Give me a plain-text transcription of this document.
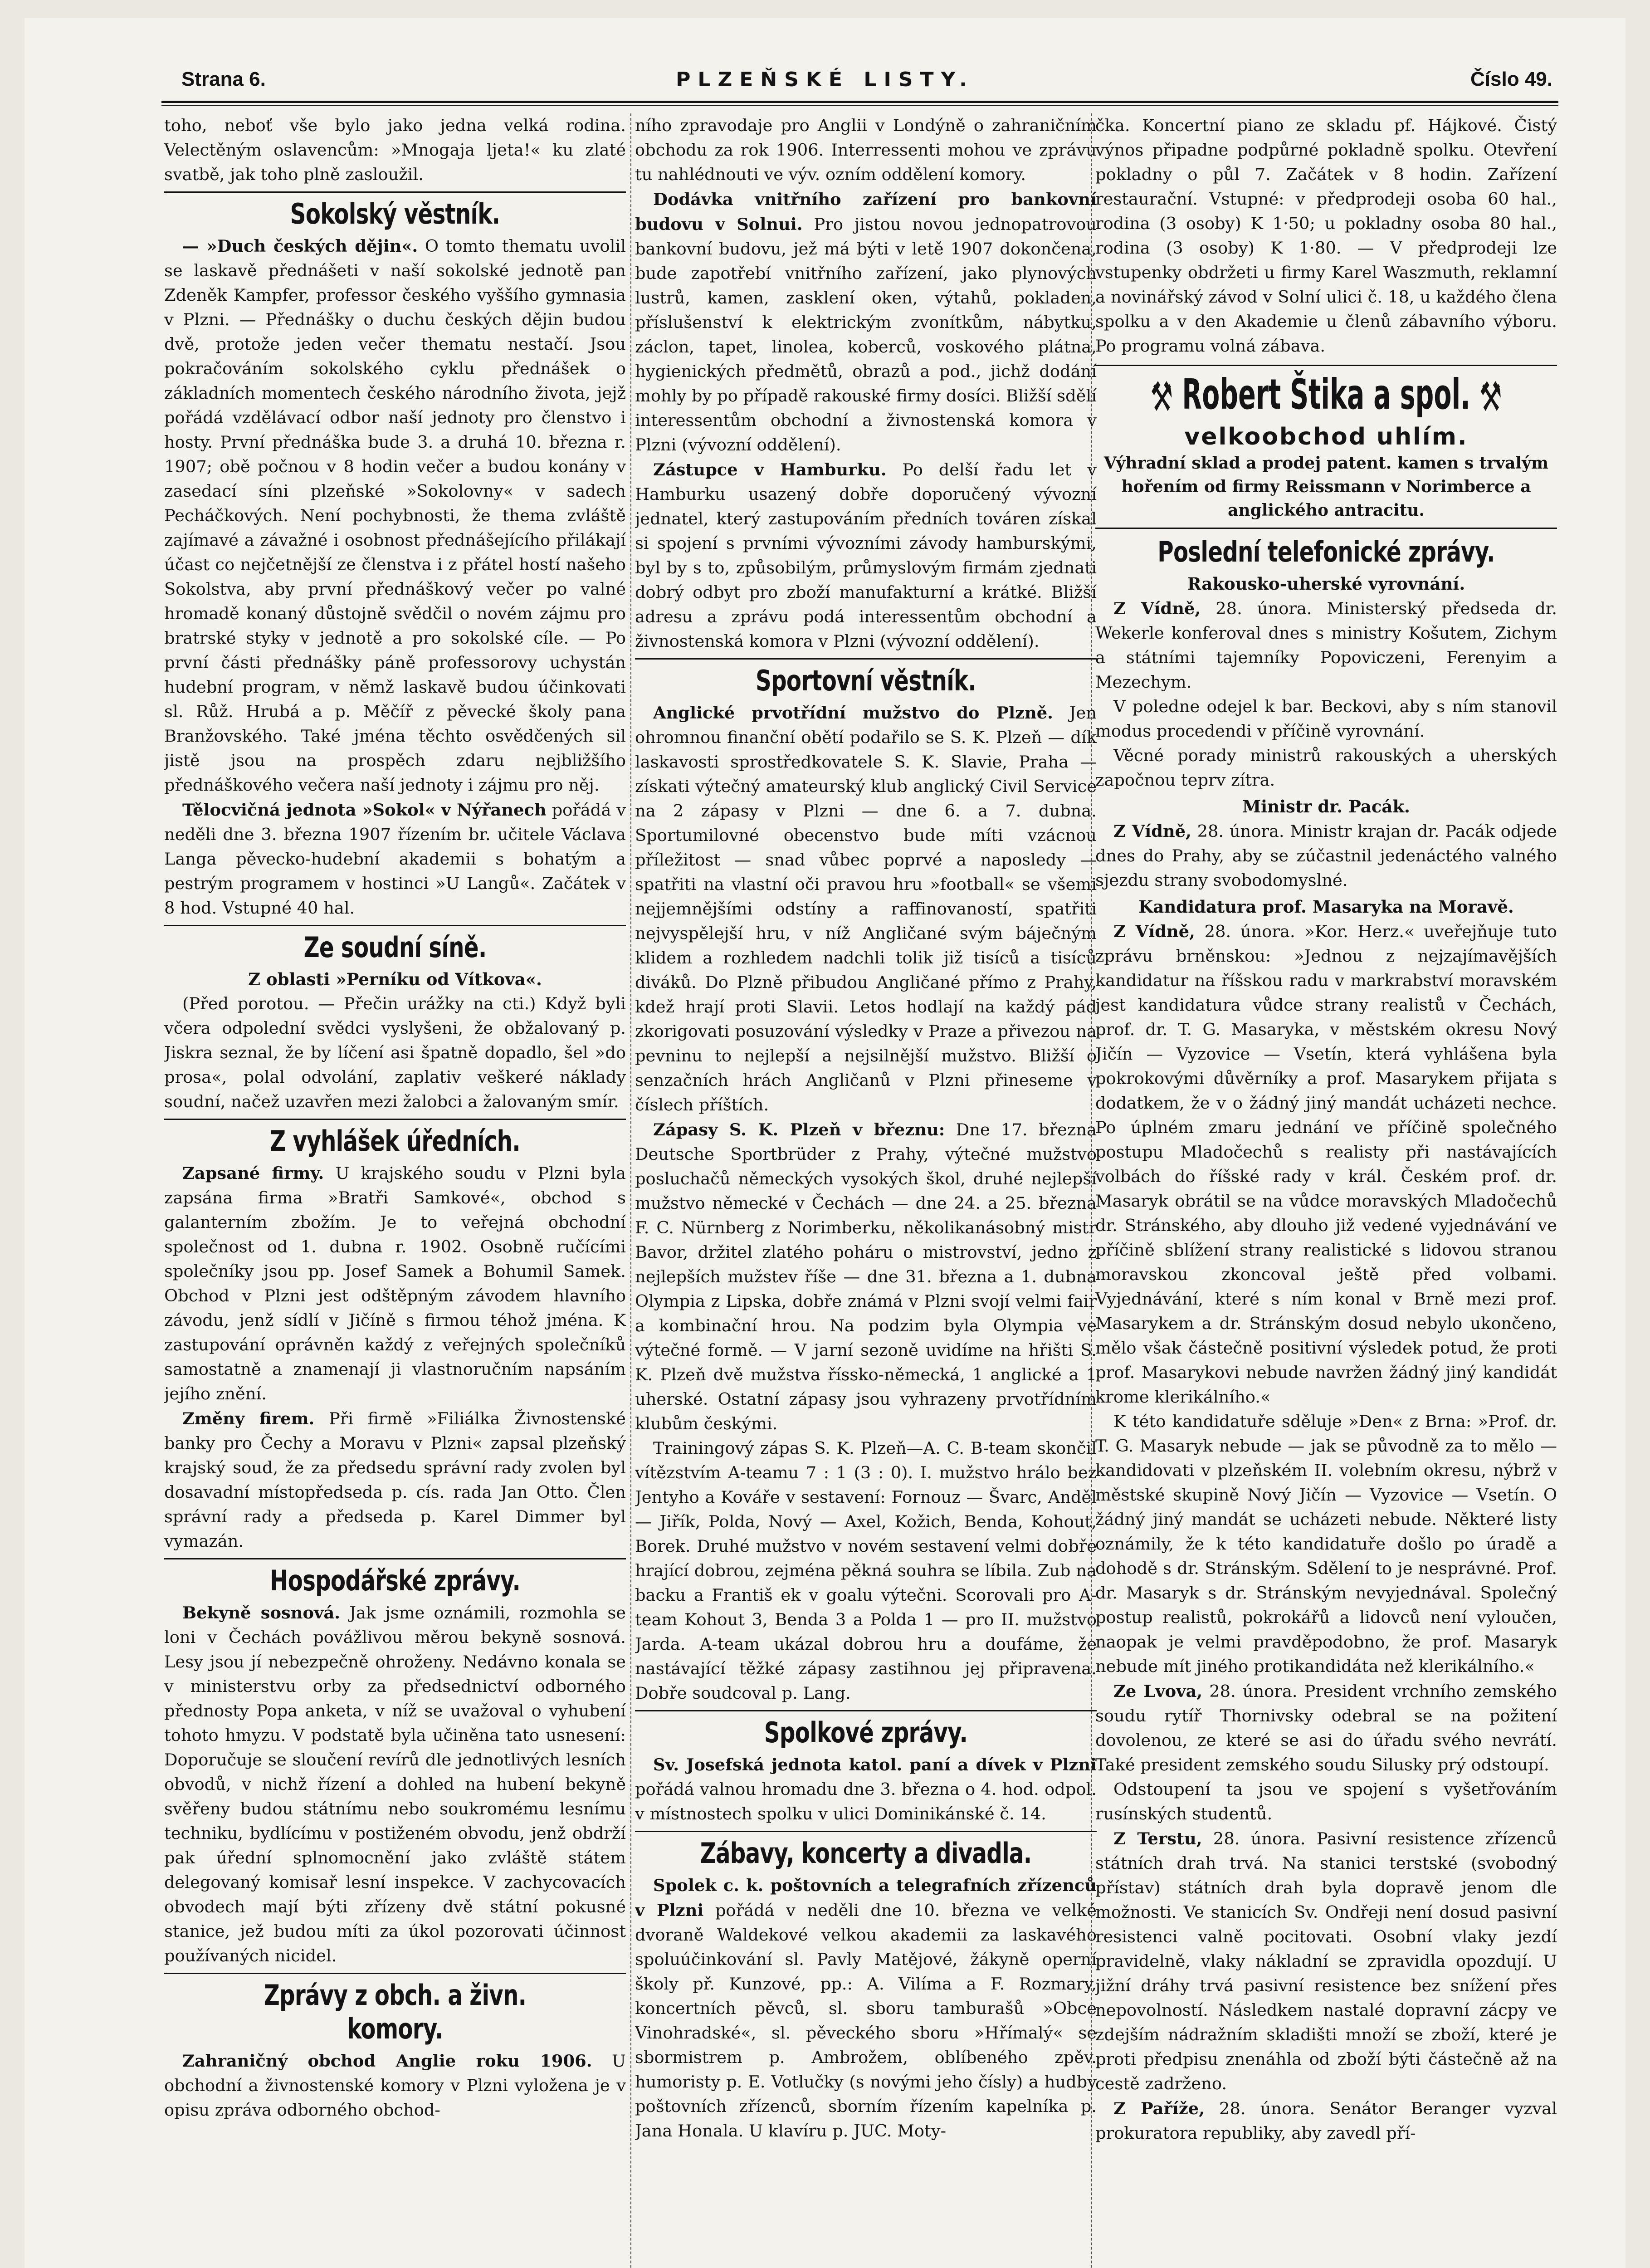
Strana 6.	PLZEŇSKÉ LISTY.	Číslo 49.

toho, neboť vše bylo jako jedna velká rodina. Velectěným oslavencům: »Mnogaja ljeta!« ku zlaté svatbě, jak toho plně zasloužil.

Sokolský věstník.

— »Duch českých dějin«. O tomto thematu uvolil se laskavě přednášeti v naší sokolské jednotě pan Zdeněk Kampfer, professor českého vyššího gymnasia v Plzni. — Přednášky o duchu českých dějin budou dvě, protože jeden večer thematu nestačí. Jsou pokračováním sokolského cyklu přednášek o základních momentech českého národního života, jejž pořádá vzdělávací odbor naší jednoty pro členstvo i hosty. První přednáška bude 3. a druhá 10. března r. 1907; obě počnou v 8 hodin večer a budou konány v zasedací síni plzeňské »Sokolovny« v sadech Pecháčkových. Není pochybnosti, že thema zvláště zajímavé a závažné i osobnost přednášejícího přilákají účast co nejčetnější ze členstva i z přátel hostí našeho Sokolstva, aby první přednáškový večer po valné hromadě konaný důstojně svědčil o novém zájmu pro bratrské styky v jednotě a pro sokolské cíle. — Po první části přednášky páně professorovy uchystán hudební program, v němž laskavě budou účinkovati sl. Růž. Hrubá a p. Měčíř z pěvecké školy pana Branžovského. Také jména těchto osvědčených sil jistě jsou na prospěch zdaru nejbližšího přednáškového večera naší jednoty i zájmu pro něj.

Tělocvičná jednota »Sokol« v Nýřanech pořádá v neděli dne 3. března 1907 řízením br. učitele Václava Langa pěvecko-hudební akademii s bohatým a pestrým programem v hostinci »U Langů«. Začátek v 8 hod. Vstupné 40 hal.

Ze soudní síně.
Z oblasti »Perníku od Vítkova«.

(Před porotou. — Přečin urážky na cti.) Když byli včera odpolední svědci vyslyšeni, že obžalovaný p. Jiskra seznal, že by líčení asi špatně dopadlo, šel »do prosa«, polal odvolání, zaplativ veškeré náklady soudní, načež uzavřen mezi žalobci a žalovaným smír.

Z vyhlášek úředních.

Zapsané firmy. U krajského soudu v Plzni byla zapsána firma »Bratři Samkové«, obchod s galanterním zbožím. Je to veřejná obchodní společnost od 1. dubna r. 1902. Osobně ručícími společníky jsou pp. Josef Samek a Bohumil Samek. Obchod v Plzni jest odštěpným závodem hlavního závodu, jenž sídlí v Jičíně s firmou téhož jména. K zastupování oprávněn každý z veřejných společníků samostatně a znamenají ji vlastnoručním napsáním jejího znění.

Změny firem. Při firmě »Filiálka Živnostenské banky pro Čechy a Moravu v Plzni« zapsal plzeňský krajský soud, že za předsedu správní rady zvolen byl dosavadní místopředseda p. cís. rada Jan Otto. Člen správní rady a předseda p. Karel Dimmer byl vymazán.

Hospodářské zprávy.

Bekyně sosnová. Jak jsme oznámili, rozmohla se loni v Čechách povážlivou měrou bekyně sosnová. Lesy jsou jí nebezpečně ohroženy. Nedávno konala se v ministerstvu orby za předsednictví odborného přednosty Popa anketa, v níž se uvažoval o vyhubení tohoto hmyzu. V podstatě byla učiněna tato usnesení: Doporučuje se sloučení revírů dle jednotlivých lesních obvodů, v nichž řízení a dohled na hubení bekyně svěřeny budou státnímu nebo soukromému lesnímu techniku, bydlícímu v postiženém obvodu, jenž obdrží pak úřední splnomocnění jako zvláště státem delegovaný komisař lesní inspekce. V zachycovacích obvodech mají býti zřízeny dvě státní pokusné stanice, jež budou míti za úkol pozorovati účinnost používaných nicidel.

Zprávy z obch. a živn. komory.

Zahraničný obchod Anglie roku 1906. U obchodní a živnostenské komory v Plzni vyložena je v opisu zpráva odborného obchod-

ního zpravodaje pro Anglii v Londýně o zahraničním obchodu za rok 1906. Interressenti mohou ve zprávu tu nahlédnouti ve výv. ozním oddělení komory.

Dodávka vnitřního zařízení pro bankovní budovu v Solnui. Pro jistou novou jednopatrovou bankovní budovu, jež má býti v letě 1907 dokončena, bude zapotřebí vnitřního zařízení, jako plynových lustrů, kamen, zasklení oken, výtahů, pokladen, příslušenství k elektrickým zvonítkům, nábytku, záclon, tapet, linolea, koberců, voskového plátna, hygienických předmětů, obrazů a pod., jichž dodání mohly by po případě rakouské firmy dosíci. Bližší sdělí interessentům obchodní a živnostenská komora v Plzni (vývozní oddělení).

Zástupce v Hamburku. Po delší řadu let v Hamburku usazený dobře doporučený vývozní jednatel, který zastupováním předních továren získal si spojení s prvními vývozními závody hamburskými, byl by s to, způsobilým, průmyslovým firmám zjednati dobrý odbyt pro zboží manufakturní a krátké. Bližší adresu a zprávu podá interessentům obchodní a živnostenská komora v Plzni (vývozní oddělení).

Sportovní věstník.

Anglické prvotřídní mužstvo do Plzně. Jen ohromnou finanční obětí podařilo se S. K. Plzeň — dík laskavosti sprostředkovatele S. K. Slavie, Praha — získati výtečný amateurský klub anglický Civil Service na 2 zápasy v Plzni — dne 6. a 7. dubna. Sportumilovné obecenstvo bude míti vzácnou příležitost — snad vůbec poprvé a naposledy — spatřiti na vlastní oči pravou hru »football« se všemi nejjemnějšími odstíny a raffinovaností, spatřiti nejvyspělejší hru, v níž Angličané svým báječným klidem a rozhledem nadchli tolik již tisíců a tisíců diváků. Do Plzně přibudou Angličané přímo z Prahy, kdež hrají proti Slavii. Letos hodlají na každý pád zkorigovati posuzování výsledky v Praze a přivezou na pevninu to nejlepší a nejsilnější mužstvo. Bližší o senzačních hrách Angličanů v Plzni přineseme v číslech příštích.

Zápasy S. K. Plzeň v březnu: Dne 17. března Deutsche Sportbrüder z Prahy, výtečné mužstvo posluchačů německých vysokých škol, druhé nejlepší mužstvo německé v Čechách — dne 24. a 25. března F. C. Nürnberg z Norimberku, několikanásobný mistr Bavor, držitel zlatého poháru o mistrovství, jedno z nejlepších mužstev říše — dne 31. března a 1. dubna Olympia z Lipska, dobře známá v Plzni svojí velmi fair a kombinační hrou. Na podzim byla Olympia ve výtečné formě. — V jarní sezoně uvidíme na hřišti S. K. Plzeň dvě mužstva říssko-německá, 1 anglické a 1 uherské. Ostatní zápasy jsou vyhrazeny prvotřídním klubům českými.

Trainingový zápas S. K. Plzeň—A. C. B-team skončil vítězstvím A-teamu 7 : 1 (3 : 0). I. mužstvo hrálo bez Jentyho a Kováře v sestavení: Fornouz — Švarc, Anděl — Jiřík, Polda, Nový — Axel, Kožich, Benda, Kohout, Borek. Druhé mužstvo v novém sestavení velmi dobře hrající dobrou, zejména pěkná souhra se líbila. Zub na backu a Františ ek v goalu výtečni. Scorovali pro A-team Kohout 3, Benda 3 a Polda 1 — pro II. mužstvo Jarda. A-team ukázal dobrou hru a doufáme, že nastávající těžké zápasy zastihnou jej připravena. Dobře soudcoval p. Lang.

Spolkové zprávy.

Sv. Josefská jednota katol. paní a dívek v Plzni pořádá valnou hromadu dne 3. března o 4. hod. odpol. v místnostech spolku v ulici Dominikánské č. 14.

Zábavy, koncerty a divadla.

Spolek c. k. poštovních a telegrafních zřízenců v Plzni pořádá v neděli dne 10. března ve velké dvoraně Waldekové velkou akademii za laskavého spoluúčinkování sl. Pavly Matějové, žákyně operní školy př. Kunzové, pp.: A. Vilíma a F. Rozmary, koncertních pěvců, sl. sboru tamburašů »Obce Vinohradské«, sl. pěveckého sboru »Hřímalý« se sbormistrem p. Ambrožem, oblíbeného zpěv. humoristy p. E. Votlučky (s novými jeho čísly) a hudby poštovních zřízenců, sborním řízením kapelníka p. Jana Honala. U klavíru p. JUC. Moty-

čka. Koncertní piano ze skladu pf. Hájkové. Čistý výnos připadne podpůrné pokladně spolku. Otevření pokladny o půl 7. Začátek v 8 hodin. Zařízení restaurační. Vstupné: v předprodeji osoba 60 hal., rodina (3 osoby) K 1·50; u pokladny osoba 80 hal., rodina (3 osoby) K 1·80. — V předprodeji lze vstupenky obdržeti u firmy Karel Waszmuth, reklamní a novinářský závod v Solní ulici č. 18, u každého člena spolku a v den Akademie u členů zábavního výboru. Po programu volná zábava.

⚒ Robert Štika a spol. ⚒
velkoobchod uhlím.
Výhradní sklad a prodej patent. kamen s trvalým hořením od firmy Reissmann v Norimberce a anglického antracitu.
Poslední telefonické zprávy.
Rakousko-uherské vyrovnání.

Z Vídně, 28. února. Ministerský předseda dr. Wekerle konferoval dnes s ministry Košutem, Zichym a státními tajemníky Popoviczeni, Ferenyim a Mezechym.

V poledne odejel k bar. Beckovi, aby s ním stanovil modus procedendi v příčině vyrovnání.

Věcné porady ministrů rakouských a uherských započnou teprv zítra.

Ministr dr. Pacák.

Z Vídně, 28. února. Ministr krajan dr. Pacák odjede dnes do Prahy, aby se zúčastnil jedenáctého valného sjezdu strany svobodomyslné.

Kandidatura prof. Masaryka na Moravě.

Z Vídně, 28. února. »Kor. Herz.« uveřejňuje tuto zprávu brněnskou: »Jednou z nejzajímavějších kandidatur na říšskou radu v markrabství moravském jest kandidatura vůdce strany realistů v Čechách, prof. dr. T. G. Masaryka, v městském okresu Nový Jičín — Vyzovice — Vsetín, která vyhlášena byla pokrokovými důvěrníky a prof. Masarykem přijata s dodatkem, že v o žádný jiný mandát ucházeti nechce. Po úplném zmaru jednání ve příčině společného postupu Mladočechů s realisty při nastávajících volbách do říšské rady v král. Českém prof. dr. Masaryk obrátil se na vůdce moravských Mladočechů dr. Stránského, aby dlouho již vedené vyjednávání ve příčině sblížení strany realistické s lidovou stranou moravskou zkoncoval ještě před volbami. Vyjednávání, které s ním konal v Brně mezi prof. Masarykem a dr. Stránským dosud nebylo ukončeno, mělo však částečně positivní výsledek potud, že proti prof. Masarykovi nebude navržen žádný jiný kandidát krome klerikálního.«

K této kandidatuře sděluje »Den« z Brna: »Prof. dr. T. G. Masaryk nebude — jak se původně za to mělo — kandidovati v plzeňském II. volebním okresu, nýbrž v městské skupině Nový Jičín — Vyzovice — Vsetín. O žádný jiný mandát se ucházeti nebude. Některé listy oznámily, že k této kandidatuře došlo po úradě a dohodě s dr. Stránským. Sdělení to je nesprávné. Prof. dr. Masaryk s dr. Stránským nevyjednával. Společný postup realistů, pokrokářů a lidovců není vyloučen, naopak je velmi pravděpodobno, že prof. Masaryk nebude mít jiného protikandidáta než klerikálního.«

Ze Lvova, 28. února. President vrchního zemského soudu rytíř Thornivsky odebral se na požitení dovolenou, ze které se asi do úřadu svého nevrátí. Také president zemského soudu Silusky prý odstoupí.

Odstoupení ta jsou ve spojení s vyšetřováním rusínských studentů.

Z Terstu, 28. února. Pasivní resistence zřízenců státních drah trvá. Na stanici terstské (svobodný přístav) státních drah byla dopravě jenom dle možnosti. Ve stanicích Sv. Ondřeji není dosud pasivní resistenci valně pocitovati. Osobní vlaky jezdí pravidelně, vlaky nákladní se zpravidla opozdují. U jižní dráhy trvá pasivní resistence bez snížení přes nepovolností. Následkem nastalé dopravní zácpy ve zdejším nádražním skladišti množí se zboží, které je proti předpisu znenáhla od zboží býti částečně až na cestě zadrženo.

Z Paříže, 28. února. Senátor Beranger vyzval prokuratora republiky, aby zavedl pří-
